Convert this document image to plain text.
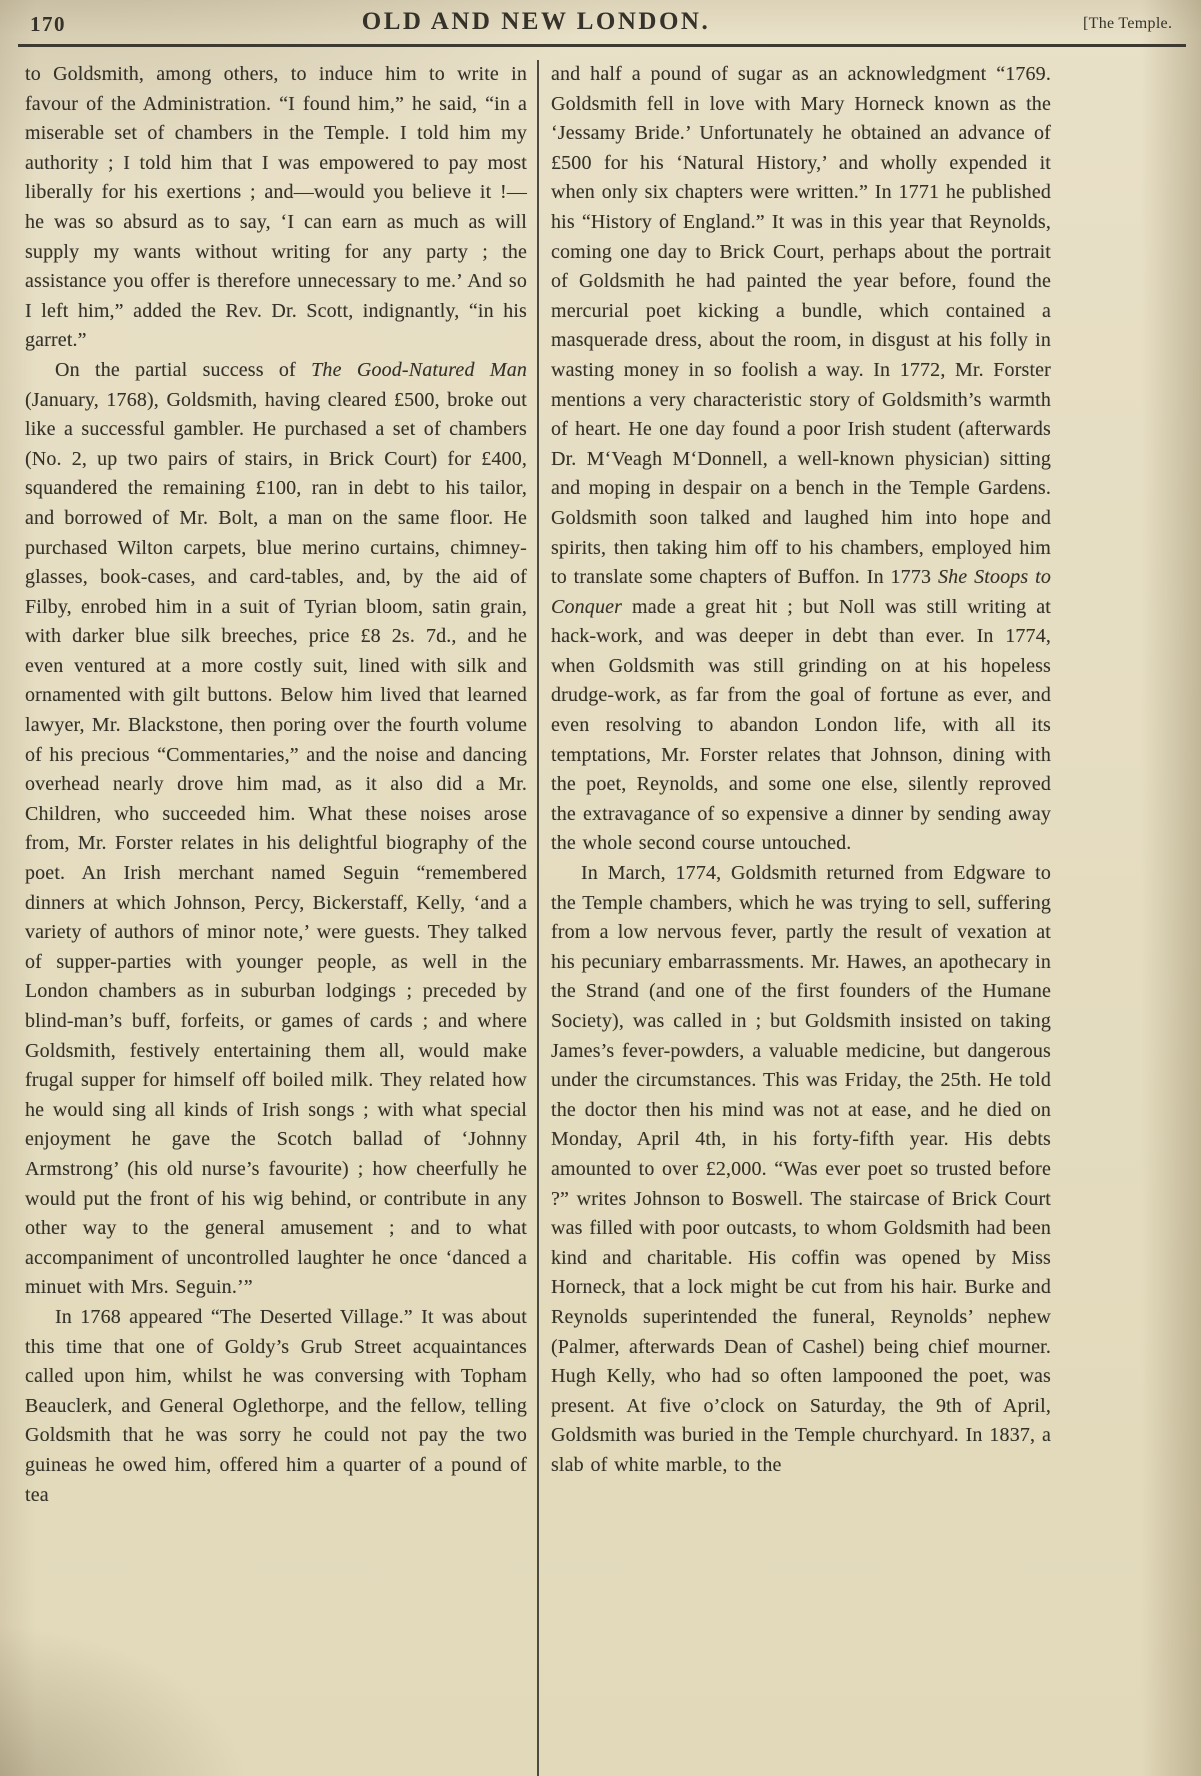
170	OLD AND NEW LONDON.	[The Temple.

to Goldsmith, among others, to induce him to write in favour of the Administration. “I found him,” he said, “in a miserable set of chambers in the Temple. I told him my authority ; I told him that I was empowered to pay most liberally for his exertions ; and—would you believe it !—he was so absurd as to say, ‘I can earn as much as will supply my wants without writing for any party ; the assistance you offer is therefore unnecessary to me.’ And so I left him,” added the Rev. Dr. Scott, indignantly, “in his garret.”

On the partial success of The Good-Natured Man (January, 1768), Goldsmith, having cleared £500, broke out like a successful gambler. He purchased a set of chambers (No. 2, up two pairs of stairs, in Brick Court) for £400, squandered the remaining £100, ran in debt to his tailor, and borrowed of Mr. Bolt, a man on the same floor. He purchased Wilton carpets, blue merino curtains, chimney-glasses, book-cases, and card-tables, and, by the aid of Filby, enrobed him in a suit of Tyrian bloom, satin grain, with darker blue silk breeches, price £8 2s. 7d., and he even ventured at a more costly suit, lined with silk and ornamented with gilt buttons. Below him lived that learned lawyer, Mr. Blackstone, then poring over the fourth volume of his precious “Commentaries,” and the noise and dancing overhead nearly drove him mad, as it also did a Mr. Children, who succeeded him. What these noises arose from, Mr. Forster relates in his delightful biography of the poet. An Irish merchant named Seguin “remembered dinners at which Johnson, Percy, Bickerstaff, Kelly, ‘and a variety of authors of minor note,’ were guests. They talked of supper-parties with younger people, as well in the London chambers as in suburban lodgings ; preceded by blind-man’s buff, forfeits, or games of cards ; and where Goldsmith, festively entertaining them all, would make frugal supper for himself off boiled milk. They related how he would sing all kinds of Irish songs ; with what special enjoyment he gave the Scotch ballad of ‘Johnny Armstrong’ (his old nurse’s favourite) ; how cheerfully he would put the front of his wig behind, or contribute in any other way to the general amusement ; and to what accompaniment of uncontrolled laughter he once ‘danced a minuet with Mrs. Seguin.’”

In 1768 appeared “The Deserted Village.” It was about this time that one of Goldy’s Grub Street acquaintances called upon him, whilst he was conversing with Topham Beauclerk, and General Oglethorpe, and the fellow, telling Goldsmith that he was sorry he could not pay the two guineas he owed him, offered him a quarter of a pound of tea

and half a pound of sugar as an acknowledgment “1769. Goldsmith fell in love with Mary Horneck known as the ‘Jessamy Bride.’ Unfortunately he obtained an advance of £500 for his ‘Natural History,’ and wholly expended it when only six chapters were written.” In 1771 he published his “History of England.” It was in this year that Reynolds, coming one day to Brick Court, perhaps about the portrait of Goldsmith he had painted the year before, found the mercurial poet kicking a bundle, which contained a masquerade dress, about the room, in disgust at his folly in wasting money in so foolish a way. In 1772, Mr. Forster mentions a very characteristic story of Goldsmith’s warmth of heart. He one day found a poor Irish student (afterwards Dr. M‘Veagh M‘Donnell, a well-known physician) sitting and moping in despair on a bench in the Temple Gardens. Goldsmith soon talked and laughed him into hope and spirits, then taking him off to his chambers, employed him to translate some chapters of Buffon. In 1773 She Stoops to Conquer made a great hit ; but Noll was still writing at hack-work, and was deeper in debt than ever. In 1774, when Goldsmith was still grinding on at his hopeless drudge-work, as far from the goal of fortune as ever, and even resolving to abandon London life, with all its temptations, Mr. Forster relates that Johnson, dining with the poet, Reynolds, and some one else, silently reproved the extravagance of so expensive a dinner by sending away the whole second course untouched.

In March, 1774, Goldsmith returned from Edgware to the Temple chambers, which he was trying to sell, suffering from a low nervous fever, partly the result of vexation at his pecuniary embarrassments. Mr. Hawes, an apothecary in the Strand (and one of the first founders of the Humane Society), was called in ; but Goldsmith insisted on taking James’s fever-powders, a valuable medicine, but dangerous under the circumstances. This was Friday, the 25th. He told the doctor then his mind was not at ease, and he died on Monday, April 4th, in his forty-fifth year. His debts amounted to over £2,000. “Was ever poet so trusted before ?” writes Johnson to Boswell. The staircase of Brick Court was filled with poor outcasts, to whom Goldsmith had been kind and charitable. His coffin was opened by Miss Horneck, that a lock might be cut from his hair. Burke and Reynolds superintended the funeral, Reynolds’ nephew (Palmer, afterwards Dean of Cashel) being chief mourner. Hugh Kelly, who had so often lampooned the poet, was present. At five o’clock on Saturday, the 9th of April, Goldsmith was buried in the Temple churchyard. In 1837, a slab of white marble, to the
